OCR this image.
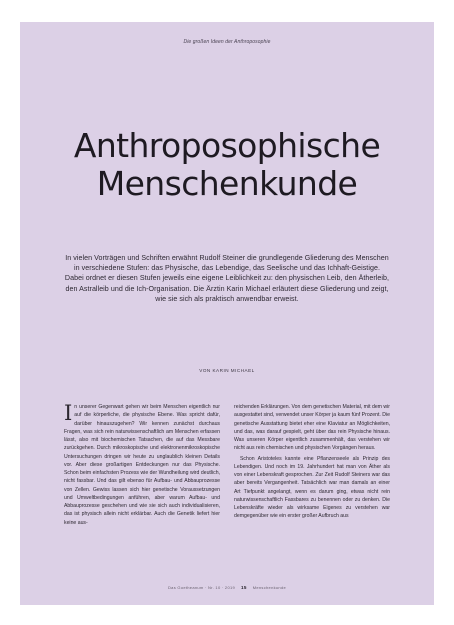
Die großen Ideen der Anthroposophie
Anthroposophische
Menschenkunde

In vielen Vorträgen und Schriften erwähnt Rudolf Steiner die grundlegende Gliederung des Menschen in verschiedene Stufen: das Physische, das Lebendige, das Seelische und das Ichhaft-Geistige. Dabei ordnet er diesen Stufen jeweils eine eigene Leiblichkeit zu: den physischen Leib, den Ätherleib, den Astralleib und die Ich-Organisation. Die Ärztin Karin Michael erläutert diese Gliederung und zeigt, wie sie sich als praktisch anwendbar erweist.

VON KARIN MICHAEL

In unserer Gegenwart gehen wir beim Menschen eigentlich nur auf die körperliche, die physische Ebene. Was spricht dafür, darüber hinauszugehen? Wir kennen zunächst durchaus Fragen, was sich rein naturwissenschaftlich am Menschen erfassen lässt, also mit biochemischen Tatsachen, die auf das Messbare zurückgehen. Durch mikroskopische und elektronenmikroskopische Untersuchungen dringen wir heute zu unglaublich kleinen Details vor. Aber diese großartigen Entdeckungen nur das Physische. Schon beim einfachsten Prozess wie der Wundheilung wird deutlich, nicht fassbar. Und das gilt ebenso für Aufbau- und Abbauprozesse von Zellen. Gewiss lassen sich hier genetische Voraussetzungen und Umweltbedingungen anführen, aber warum Aufbau- und Abbauprozesse geschehen und wie sie sich auch individualisieren, das ist physisch allein nicht erklärbar. Auch die Genetik liefert hier keine aus-

reichenden Erklärungen. Von dem genetischen Material, mit dem wir ausgestattet sind, verwendet unser Körper ja kaum fünf Prozent. Die genetische Ausstattung bietet eher eine Klaviatur an Möglichkeiten, und das, was darauf gespielt, geht über das rein Physische hinaus. Was unseren Körper eigentlich zusammenhält, das verstehen wir nicht aus rein chemischen und physischen Vorgängen heraus.

Schon Aristoteles kannte eine Pflanzenseele als Prinzip des Lebendigen. Und noch im 19. Jahrhundert hat man von Äther als von einer Lebenskraft gesprochen. Zur Zeit Rudolf Steiners war das aber bereits Vergangenheit. Tatsächlich war man damals an einer Art Tiefpunkt angelangt, wenn es darum ging, etwas nicht rein naturwissenschaftlich Fassbares zu benennen oder zu denken. Die Lebenskräfte wieder als wirksame Eigenes zu verstehen war demgegenüber wie ein erster großer Aufbruch aus

Das Goetheanum · Nr. 10 · 2019 15 Menschenkunde
